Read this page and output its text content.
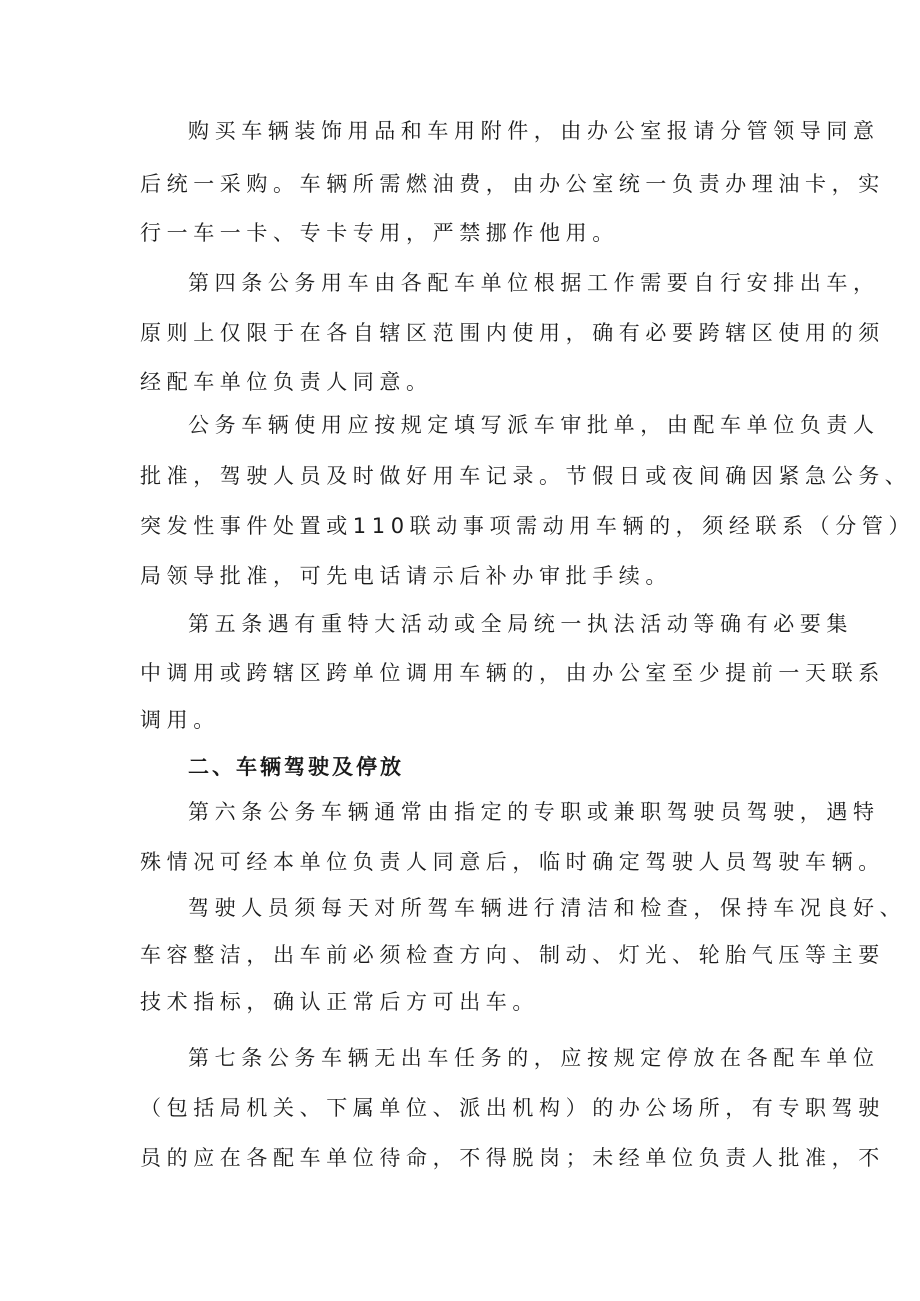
购买车辆装饰用品和车用附件，由办公室报请分管领导同意
后统一采购。车辆所需燃油费，由办公室统一负责办理油卡，实
行一车一卡、专卡专用，严禁挪作他用。
第四条公务用车由各配车单位根据工作需要自行安排出车，
原则上仅限于在各自辖区范围内使用，确有必要跨辖区使用的须
经配车单位负责人同意。
公务车辆使用应按规定填写派车审批单，由配车单位负责人
批准，驾驶人员及时做好用车记录。节假日或夜间确因紧急公务、
突发性事件处置或110联动事项需动用车辆的，须经联系（分管）
局领导批准，可先电话请示后补办审批手续。
第五条遇有重特大活动或全局统一执法活动等确有必要集
中调用或跨辖区跨单位调用车辆的，由办公室至少提前一天联系
调用。
二、车辆驾驶及停放
第六条公务车辆通常由指定的专职或兼职驾驶员驾驶，遇特
殊情况可经本单位负责人同意后，临时确定驾驶人员驾驶车辆。
驾驶人员须每天对所驾车辆进行清洁和检查，保持车况良好、
车容整洁，出车前必须检查方向、制动、灯光、轮胎气压等主要
技术指标，确认正常后方可出车。
第七条公务车辆无出车任务的，应按规定停放在各配车单位
（包括局机关、下属单位、派出机构）的办公场所，有专职驾驶
员的应在各配车单位待命，不得脱岗；未经单位负责人批准，不
